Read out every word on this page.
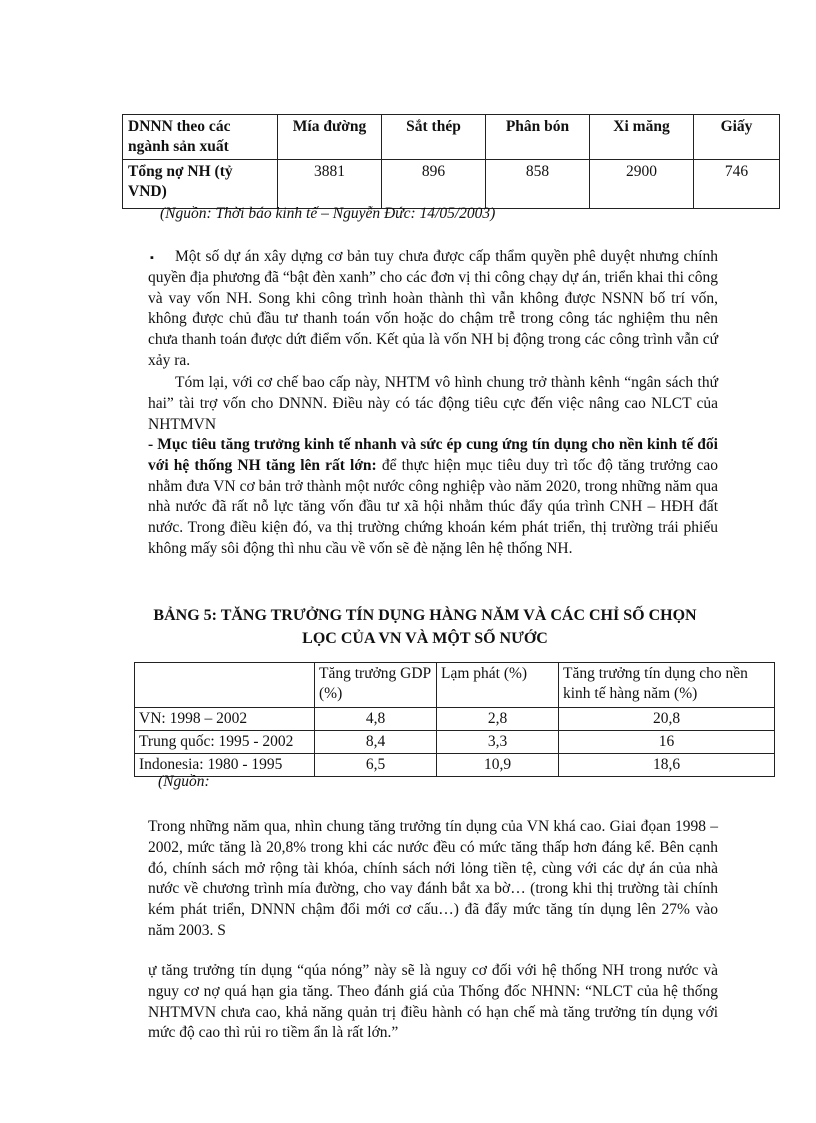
DNNN theo các ngành sản xuất	Mía đường	Sắt thép	Phân bón	Xi măng	Giấy
Tổng nợ NH (tỷ VND)	3881	896	858	2900	746
(Nguồn: Thời báo kinh tế – Nguyễn Đức: 14/05/2003)
▪	Một số dự án xây dựng cơ bản tuy chưa được cấp thẩm quyền phê duyệt nhưng chính quyền địa phương đã “bật đèn xanh” cho các đơn vị thi công chạy dự án, triển khai thi công và vay vốn NH. Song khi công trình hoàn thành thì vẫn không được NSNN bố trí vốn, không được chủ đầu tư thanh toán vốn hoặc do chậm trễ trong công tác nghiệm thu nên chưa thanh toán được dứt điểm vốn. Kết qủa là vốn NH bị động trong các công trình vẫn cứ xảy ra.
Tóm lại, với cơ chế bao cấp này, NHTM vô hình chung trở thành kênh “ngân sách thứ hai” tài trợ vốn cho DNNN. Điều này có tác động tiêu cực đến việc nâng cao NLCT của NHTMVN
- Mục tiêu tăng trưởng kinh tế nhanh và sức ép cung ứng tín dụng cho nền kinh tế đối với hệ thống NH tăng lên rất lớn: để thực hiện mục tiêu duy trì tốc độ tăng trưởng cao nhằm đưa VN cơ bản trở thành một nước công nghiệp vào năm 2020, trong những năm qua nhà nước đã rất nỗ lực tăng vốn đầu tư xã hội nhằm thúc đẩy qúa trình CNH – HĐH đất nước. Trong điều kiện đó, va thị trường chứng khoán kém phát triển, thị trường trái phiếu không mấy sôi động thì nhu cầu về vốn sẽ đè nặng lên hệ thống NH.
BẢNG 5: TĂNG TRƯỞNG TÍN DỤNG HÀNG NĂM VÀ CÁC CHỈ SỐ CHỌN
LỌC CỦA VN VÀ MỘT SỐ NƯỚC
	Tăng trưởng GDP (%)	Lạm phát (%)	Tăng trưởng tín dụng cho nền kinh tế hàng năm (%)
VN: 1998 – 2002	4,8	2,8	20,8
Trung quốc: 1995 - 2002	8,4	3,3	16
Indonesia: 1980 - 1995	6,5	10,9	18,6
(Nguồn:
Trong những năm qua, nhìn chung tăng trưởng tín dụng của VN khá cao. Giai đọan 1998 – 2002, mức tăng là 20,8% trong khi các nước đều có mức tăng thấp hơn đáng kể. Bên cạnh đó, chính sách mở rộng tài khóa, chính sách nới lỏng tiền tệ, cùng với các dự án của nhà nước về chương trình mía đường, cho vay đánh bắt xa bờ… (trong khi thị trường tài chính kém phát triển, DNNN chậm đổi mới cơ cấu…) đã đẩy mức tăng tín dụng lên 27% vào năm 2003. S
ự tăng trưởng tín dụng “qúa nóng” này sẽ là nguy cơ đối với hệ thống NH trong nước và nguy cơ nợ quá hạn gia tăng. Theo đánh giá của Thống đốc NHNN: “NLCT của hệ thống NHTMVN chưa cao, khả năng quản trị điều hành có hạn chế mà tăng trưởng tín dụng với mức độ cao thì rủi ro tiềm ẩn là rất lớn.”
